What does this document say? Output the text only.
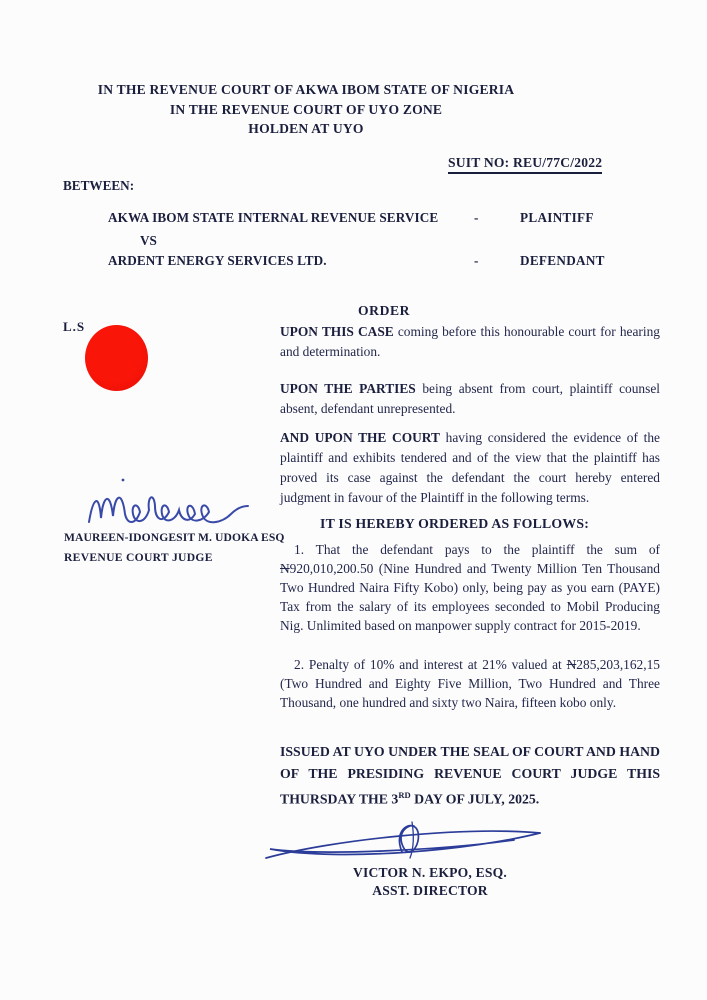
IN THE REVENUE COURT OF AKWA IBOM STATE OF NIGERIA
IN THE REVENUE COURT OF UYO ZONE
HOLDEN AT UYO
SUIT NO: REU/77C/2022
BETWEEN:
AKWA IBOM STATE INTERNAL REVENUE SERVICE	-	PLAINTIFF
VS
ARDENT ENERGY SERVICES LTD.	-	DEFENDANT
L.S
ORDER
UPON THIS CASE coming before this honourable court for hearing and determination.
UPON THE PARTIES being absent from court, plaintiff counsel absent, defendant unrepresented.
AND UPON THE COURT having considered the evidence of the plaintiff and exhibits tendered and of the view that the plaintiff has proved its case against the defendant the court hereby entered judgment in favour of the Plaintiff in the following terms.
MAUREEN-IDONGESIT M. UDOKA ESQ
REVENUE COURT JUDGE
IT IS HEREBY ORDERED AS FOLLOWS:
1. That the defendant pays to the plaintiff the sum of N920,010,200.50 (Nine Hundred and Twenty Million Ten Thousand Two Hundred Naira Fifty Kobo) only, being pay as you earn (PAYE) Tax from the salary of its employees seconded to Mobil Producing Nig. Unlimited based on manpower supply contract for 2015-2019.
2. Penalty of 10% and interest at 21% valued at N285,203,162,15 (Two Hundred and Eighty Five Million, Two Hundred and Three Thousand, one hundred and sixty two Naira, fifteen kobo only.
ISSUED AT UYO UNDER THE SEAL OF COURT AND HAND OF THE PRESIDING REVENUE COURT JUDGE THIS THURSDAY THE 3RD DAY OF JULY, 2025.
VICTOR N. EKPO, ESQ.
ASST. DIRECTOR
